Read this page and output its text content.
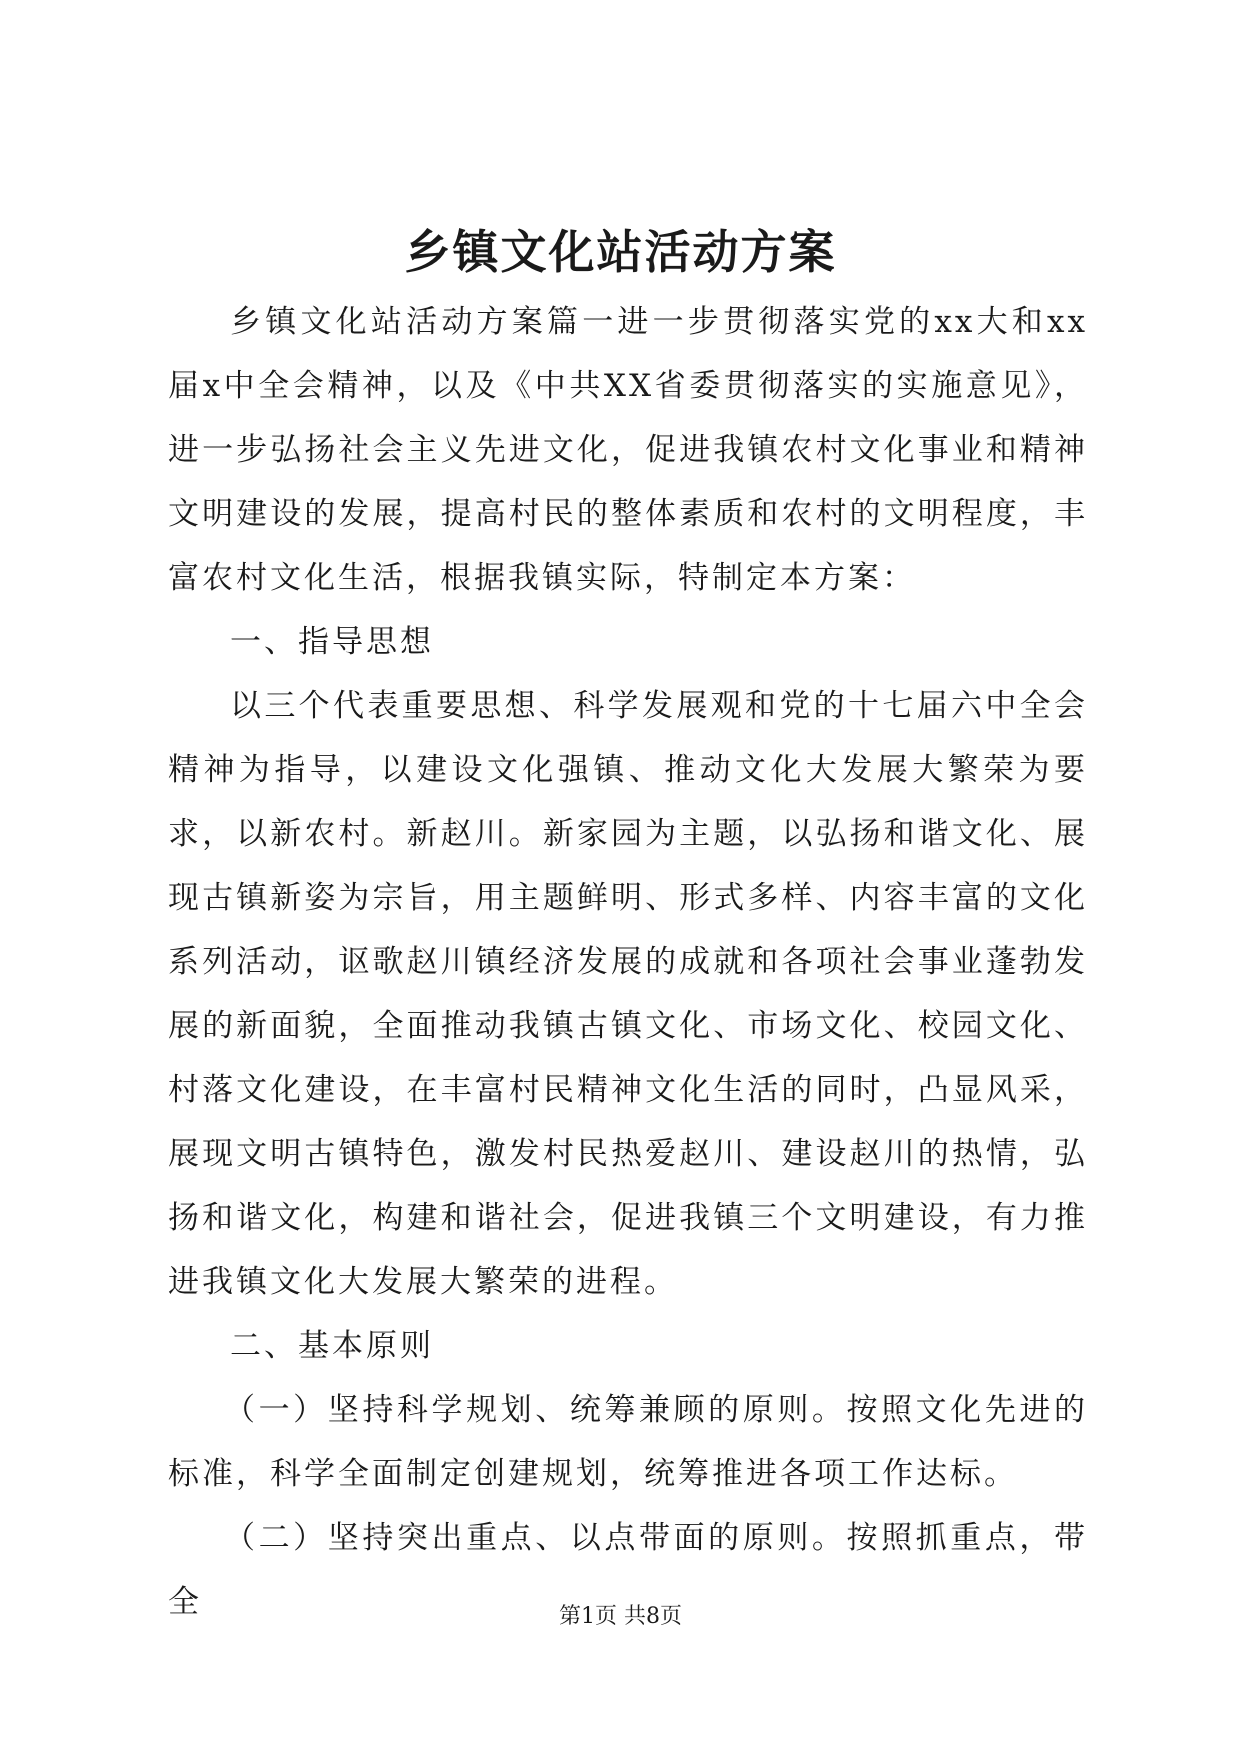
乡镇文化站活动方案

乡镇文化站活动方案篇一进一步贯彻落实党的xx大和xx届x中全会精神，以及《中共XX省委贯彻落实的实施意见》，进一步弘扬社会主义先进文化，促进我镇农村文化事业和精神文明建设的发展，提高村民的整体素质和农村的文明程度，丰富农村文化生活，根据我镇实际，特制定本方案：

一、指导思想

以三个代表重要思想、科学发展观和党的十七届六中全会精神为指导，以建设文化强镇、推动文化大发展大繁荣为要求，以新农村。新赵川。新家园为主题，以弘扬和谐文化、展现古镇新姿为宗旨，用主题鲜明、形式多样、内容丰富的文化系列活动，讴歌赵川镇经济发展的成就和各项社会事业蓬勃发展的新面貌，全面推动我镇古镇文化、市场文化、校园文化、村落文化建设，在丰富村民精神文化生活的同时，凸显风采，展现文明古镇特色，激发村民热爱赵川、建设赵川的热情，弘扬和谐文化，构建和谐社会，促进我镇三个文明建设，有力推进我镇文化大发展大繁荣的进程。

二、基本原则

（一）坚持科学规划、统筹兼顾的原则。按照文化先进的标准，科学全面制定创建规划，统筹推进各项工作达标。

（二）坚持突出重点、以点带面的原则。按照抓重点，带全	第1页 共8页
